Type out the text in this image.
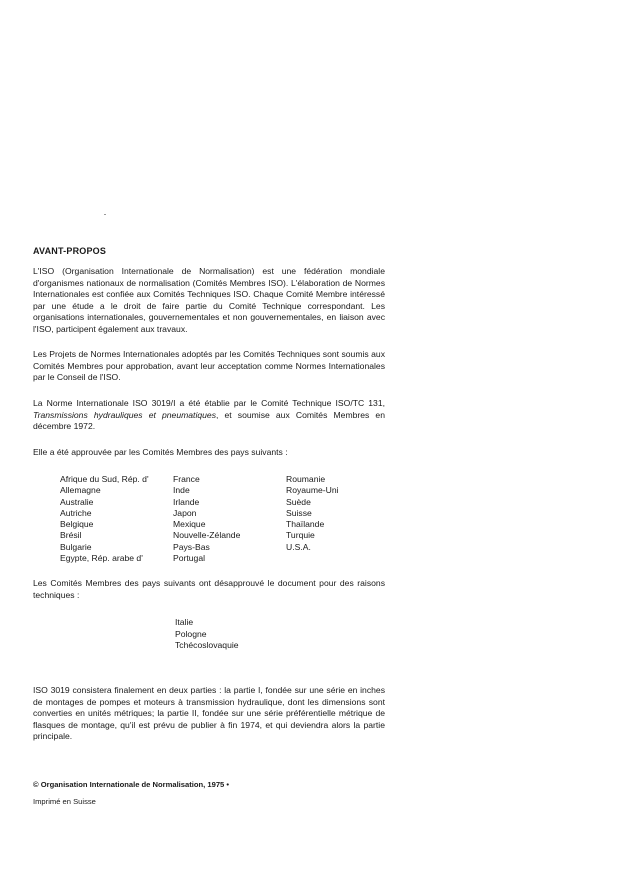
AVANT-PROPOS

L'ISO (Organisation Internationale de Normalisation) est une fédération mondiale d'organismes nationaux de normalisation (Comités Membres ISO). L'élaboration de Normes Internationales est confiée aux Comités Techniques ISO. Chaque Comité Membre intéressé par une étude a le droit de faire partie du Comité Technique correspondant. Les organisations internationales, gouvernementales et non gouvernementales, en liaison avec l'ISO, participent également aux travaux.

Les Projets de Normes Internationales adoptés par les Comités Techniques sont soumis aux Comités Membres pour approbation, avant leur acceptation comme Normes Internationales par le Conseil de l'ISO.

La Norme Internationale ISO 3019/I a été établie par le Comité Technique ISO/TC 131, Transmissions hydrauliques et pneumatiques, et soumise aux Comités Membres en décembre 1972.

Elle a été approuvée par les Comités Membres des pays suivants :

Afrique du Sud, Rép. d'
Allemagne
Australie
Autriche
Belgique
Brésil
Bulgarie
Egypte, Rép. arabe d'
France
Inde
Irlande
Japon
Mexique
Nouvelle-Zélande
Pays-Bas
Portugal
Roumanie
Royaume-Uni
Suède
Suisse
Thaïlande
Turquie
U.S.A.

Les Comités Membres des pays suivants ont désapprouvé le document pour des raisons techniques :

Italie
Pologne
Tchécoslovaquie

ISO 3019 consistera finalement en deux parties : la partie I, fondée sur une série en inches de montages de pompes et moteurs à transmission hydraulique, dont les dimensions sont converties en unités métriques; la partie II, fondée sur une série préférentielle métrique de flasques de montage, qu'il est prévu de publier à fin 1974, et qui deviendra alors la partie principale.

© Organisation Internationale de Normalisation, 1975 •
Imprimé en Suisse
